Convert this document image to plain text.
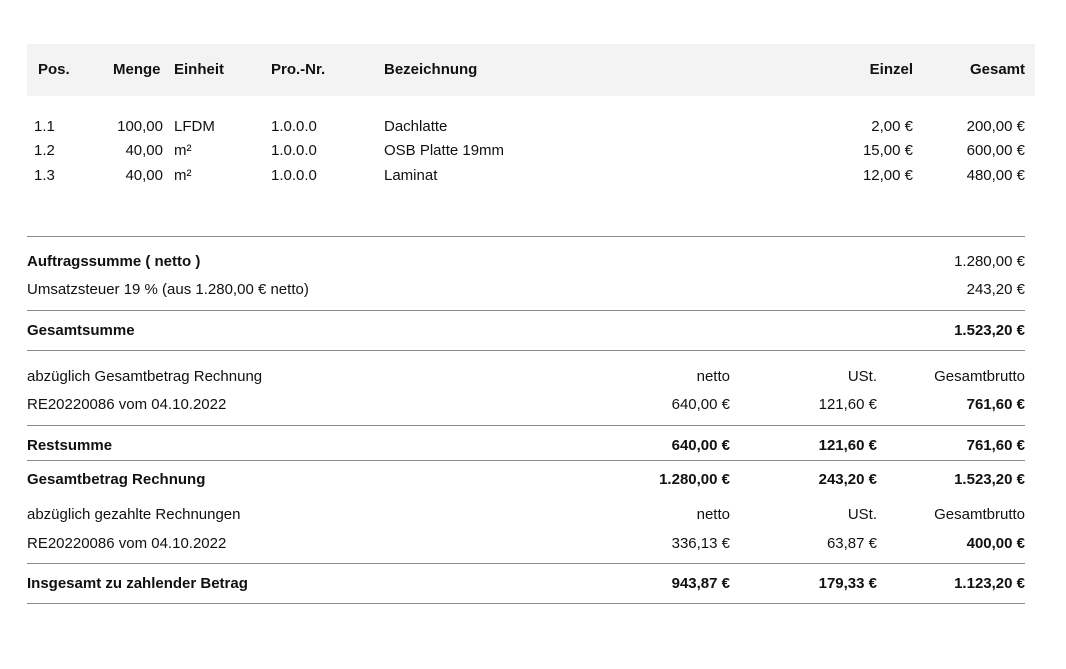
Pos.	Menge Einheit	Pro.-Nr.	Bezeichnung	Einzel	Gesamt
1.1	100,00 LFDM	1.0.0.0	Dachlatte	2,00 €	200,00 €
1.2	40,00 m²	1.0.0.0	OSB Platte 19mm	15,00 €	600,00 €
1.3	40,00 m²	1.0.0.0	Laminat	12,00 €	480,00 €
Auftragssumme ( netto )	1.280,00 €
Umsatzsteuer 19 % (aus 1.280,00 € netto)	243,20 €
Gesamtsumme	1.523,20 €
abzüglich Gesamtbetrag Rechnung	netto	USt.	Gesamtbrutto
RE20220086 vom 04.10.2022	640,00 €	121,60 €	761,60 €
Restsumme	640,00 €	121,60 €	761,60 €
Gesamtbetrag Rechnung	1.280,00 €	243,20 €	1.523,20 €
abzüglich gezahlte Rechnungen	netto	USt.	Gesamtbrutto
RE20220086 vom 04.10.2022	336,13 €	63,87 €	400,00 €
Insgesamt zu zahlender Betrag	943,87 €	179,33 €	1.123,20 €
